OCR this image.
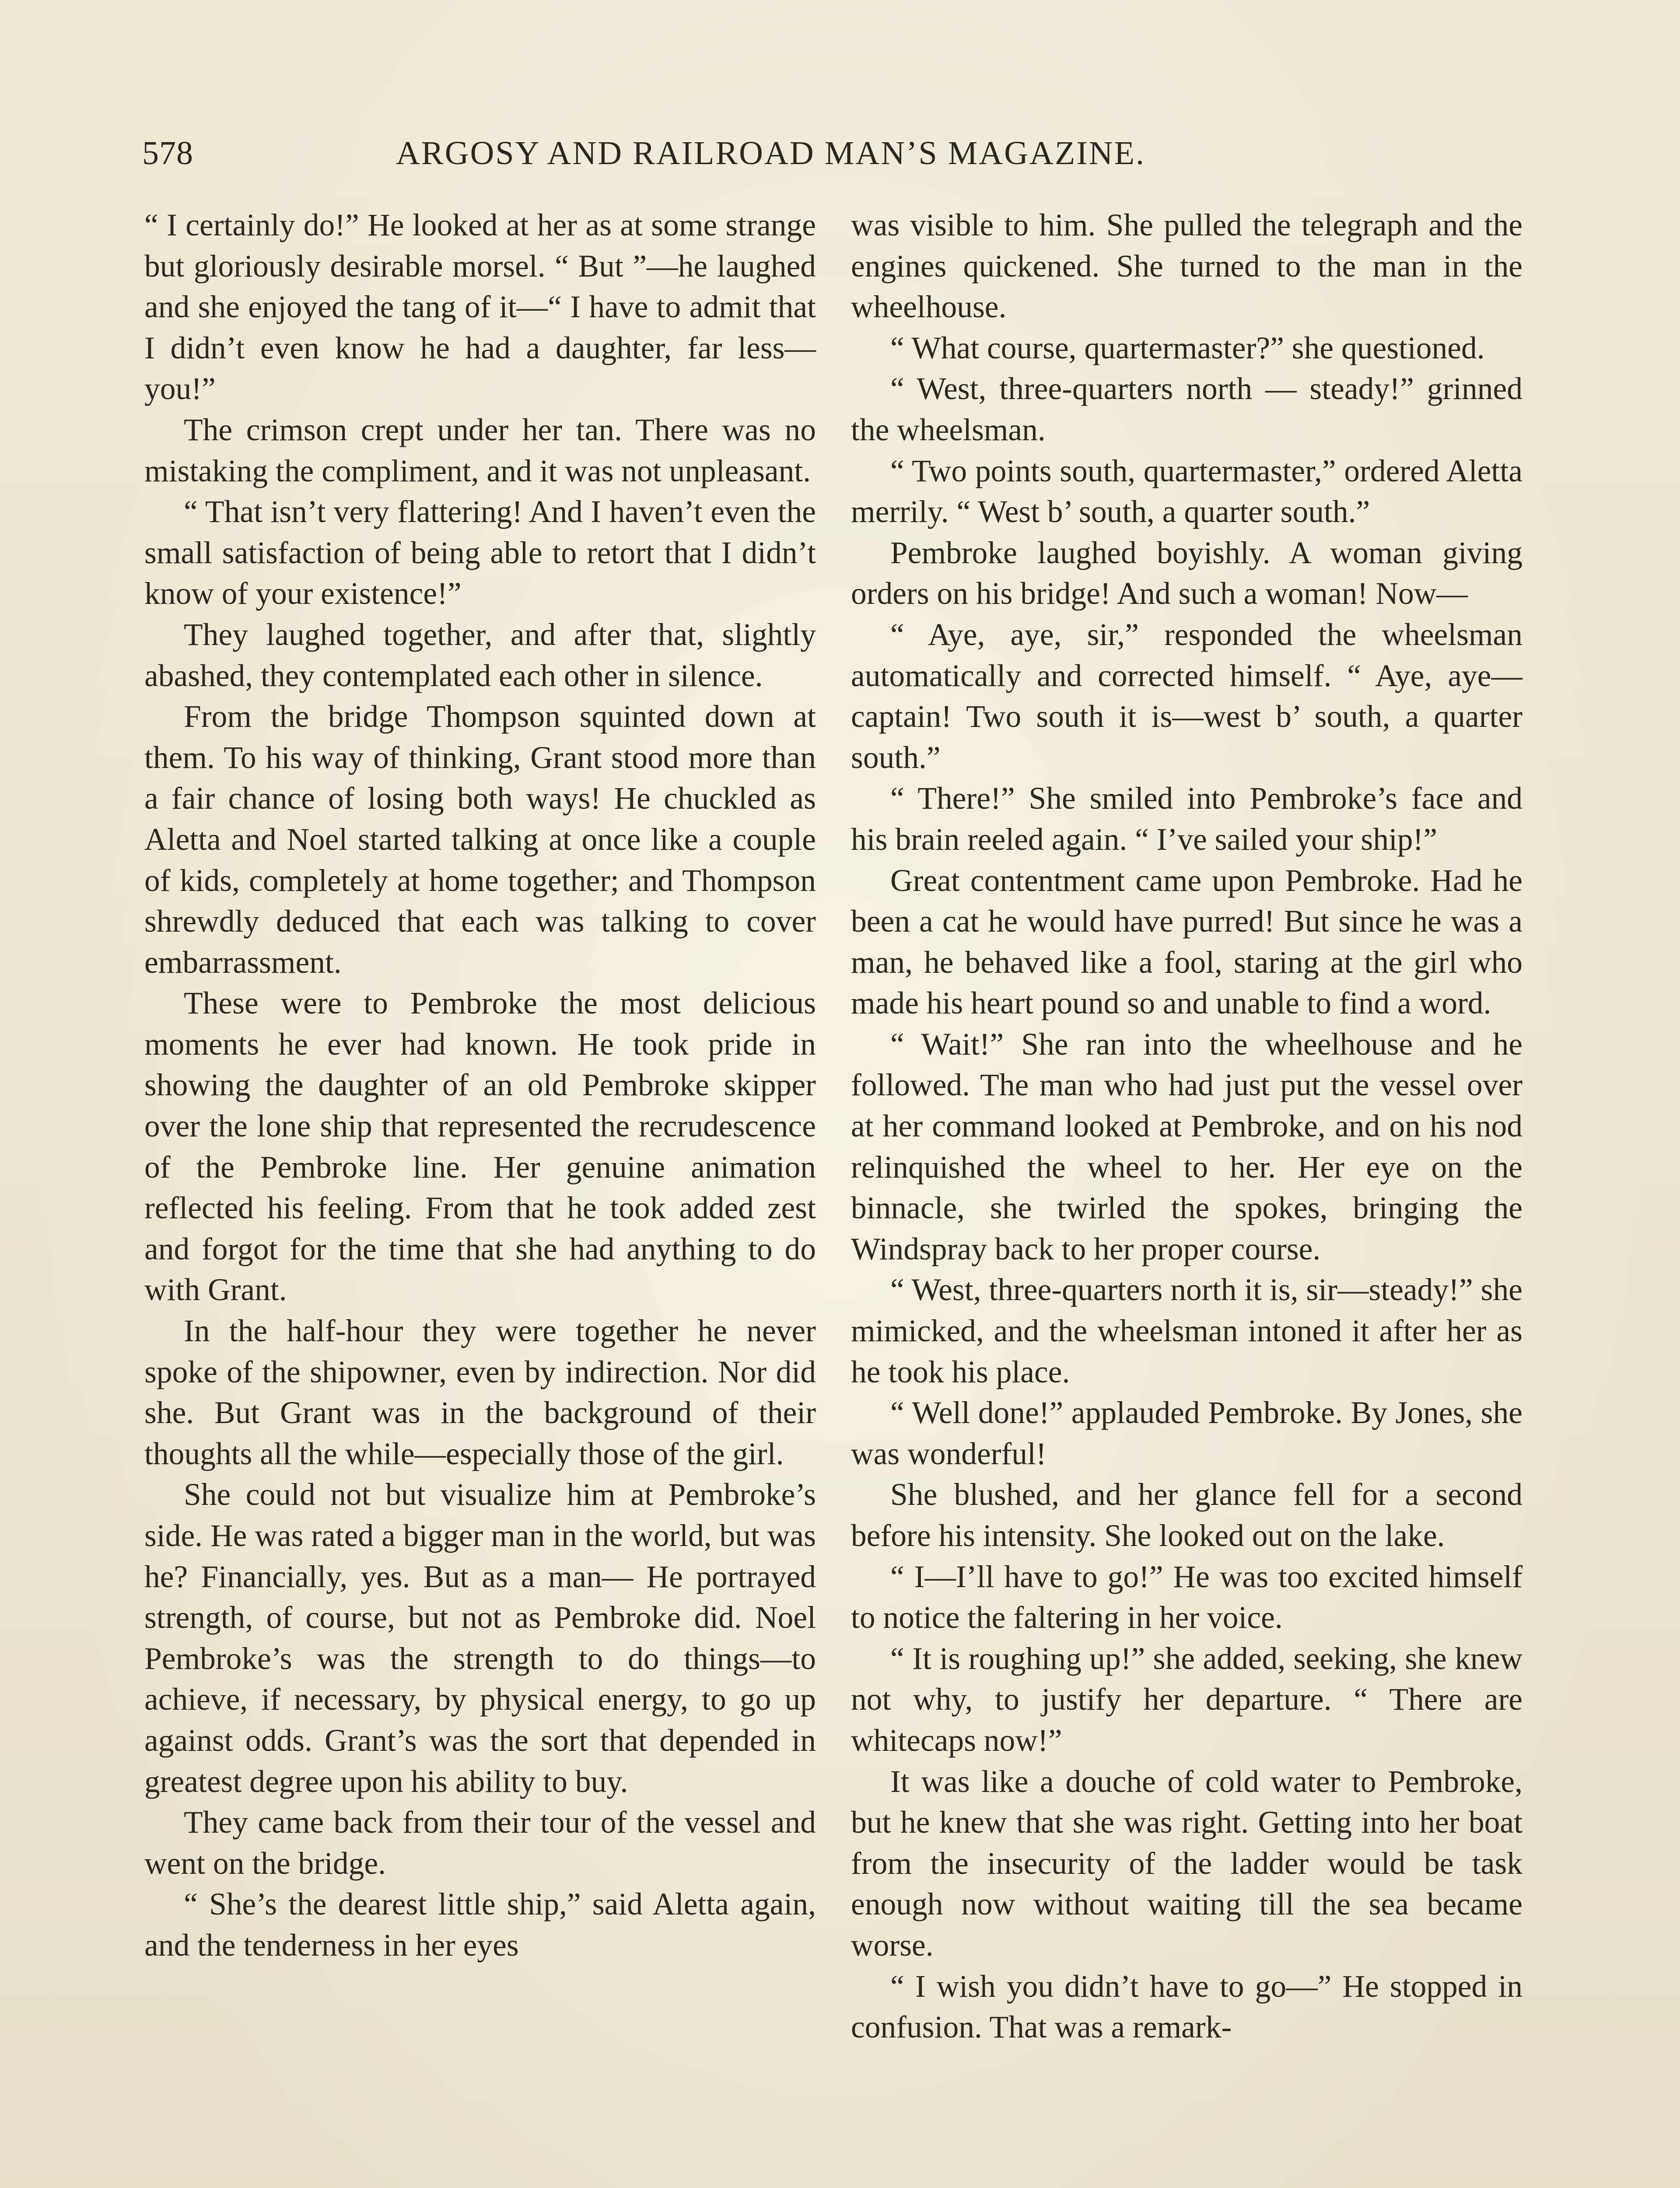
578	ARGOSY AND RAILROAD MAN’S MAGAZINE.

“ I certainly do!” He looked at her as at some strange but gloriously desirable morsel. “ But ”—he laughed and she enjoyed the tang of it—“ I have to admit that I didn’t even know he had a daughter, far less—you!”

The crimson crept under her tan. There was no mistaking the compliment, and it was not unpleasant.

“ That isn’t very flattering! And I haven’t even the small satisfaction of being able to retort that I didn’t know of your existence!”

They laughed together, and after that, slightly abashed, they contemplated each other in silence.

From the bridge Thompson squinted down at them. To his way of thinking, Grant stood more than a fair chance of losing both ways! He chuckled as Aletta and Noel started talking at once like a couple of kids, completely at home together; and Thompson shrewdly deduced that each was talking to cover embarrassment.

These were to Pembroke the most delicious moments he ever had known. He took pride in showing the daughter of an old Pembroke skipper over the lone ship that represented the recrudescence of the Pembroke line. Her genuine animation reflected his feeling. From that he took added zest and forgot for the time that she had anything to do with Grant.

In the half-hour they were together he never spoke of the shipowner, even by indirection. Nor did she. But Grant was in the background of their thoughts all the while—especially those of the girl.

She could not but visualize him at Pembroke’s side. He was rated a bigger man in the world, but was he? Financially, yes. But as a man— He portrayed strength, of course, but not as Pembroke did. Noel Pembroke’s was the strength to do things—to achieve, if necessary, by physical energy, to go up against odds. Grant’s was the sort that depended in greatest degree upon his ability to buy.

They came back from their tour of the vessel and went on the bridge.

“ She’s the dearest little ship,” said Aletta again, and the tenderness in her eyes

was visible to him. She pulled the telegraph and the engines quickened. She turned to the man in the wheelhouse.

“ What course, quartermaster?” she questioned.

“ West, three-quarters north — steady!” grinned the wheelsman.

“ Two points south, quartermaster,” ordered Aletta merrily. “ West b’ south, a quarter south.”

Pembroke laughed boyishly. A woman giving orders on his bridge! And such a woman! Now—

“ Aye, aye, sir,” responded the wheelsman automatically and corrected himself. “ Aye, aye—captain! Two south it is—west b’ south, a quarter south.”

“ There!” She smiled into Pembroke’s face and his brain reeled again. “ I’ve sailed your ship!”

Great contentment came upon Pembroke. Had he been a cat he would have purred! But since he was a man, he behaved like a fool, staring at the girl who made his heart pound so and unable to find a word.

“ Wait!” She ran into the wheelhouse and he followed. The man who had just put the vessel over at her command looked at Pembroke, and on his nod relinquished the wheel to her. Her eye on the binnacle, she twirled the spokes, bringing the Windspray back to her proper course.

“ West, three-quarters north it is, sir—steady!” she mimicked, and the wheelsman intoned it after her as he took his place.

“ Well done!” applauded Pembroke. By Jones, she was wonderful!

She blushed, and her glance fell for a second before his intensity. She looked out on the lake.

“ I—I’ll have to go!” He was too excited himself to notice the faltering in her voice.

“ It is roughing up!” she added, seeking, she knew not why, to justify her departure. “ There are whitecaps now!”

It was like a douche of cold water to Pembroke, but he knew that she was right. Getting into her boat from the insecurity of the ladder would be task enough now without waiting till the sea became worse.

“ I wish you didn’t have to go—” He stopped in confusion. That was a remark-
